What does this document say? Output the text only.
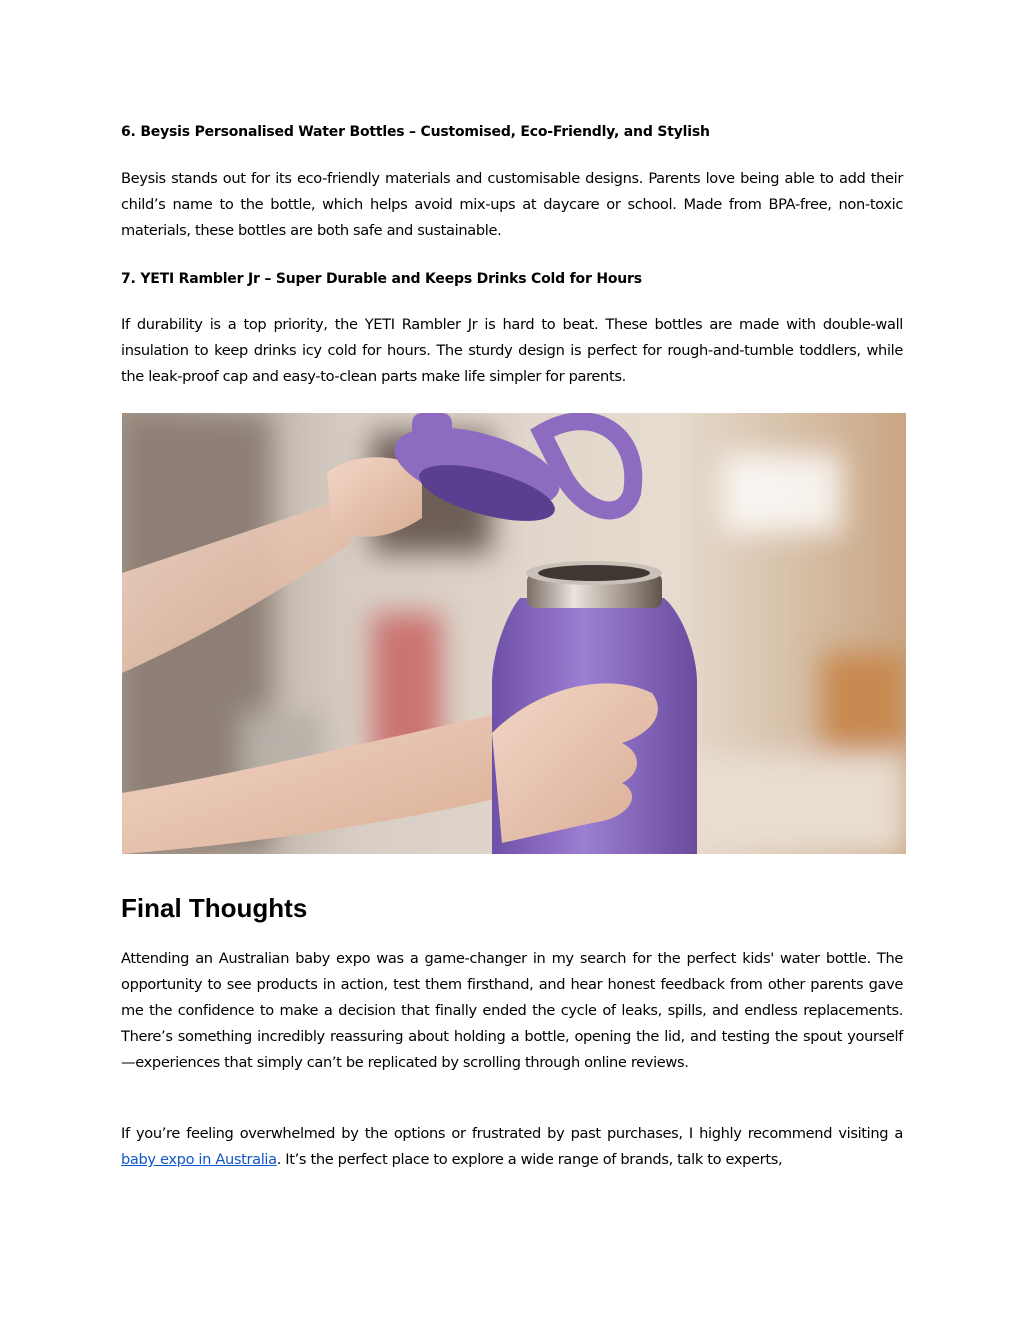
6. Beysis Personalised Water Bottles – Customised, Eco-Friendly, and Stylish
Beysis stands out for its eco-friendly materials and customisable designs. Parents love being able to add their child’s name to the bottle, which helps avoid mix-ups at daycare or school. Made from BPA-free, non-toxic materials, these bottles are both safe and sustainable.
7. YETI Rambler Jr – Super Durable and Keeps Drinks Cold for Hours
If durability is a top priority, the YETI Rambler Jr is hard to beat. These bottles are made with double-wall insulation to keep drinks icy cold for hours. The sturdy design is perfect for rough-and-tumble toddlers, while the leak-proof cap and easy-to-clean parts make life simpler for parents.
Final Thoughts
Attending an Australian baby expo was a game-changer in my search for the perfect kids' water bottle. The opportunity to see products in action, test them firsthand, and hear honest feedback from other parents gave me the confidence to make a decision that finally ended the cycle of leaks, spills, and endless replacements. There’s something incredibly reassuring about holding a bottle, opening the lid, and testing the spout yourself—experiences that simply can’t be replicated by scrolling through online reviews.
If you’re feeling overwhelmed by the options or frustrated by past purchases, I highly recommend visiting a baby expo in Australia. It’s the perfect place to explore a wide range of brands, talk to experts,
